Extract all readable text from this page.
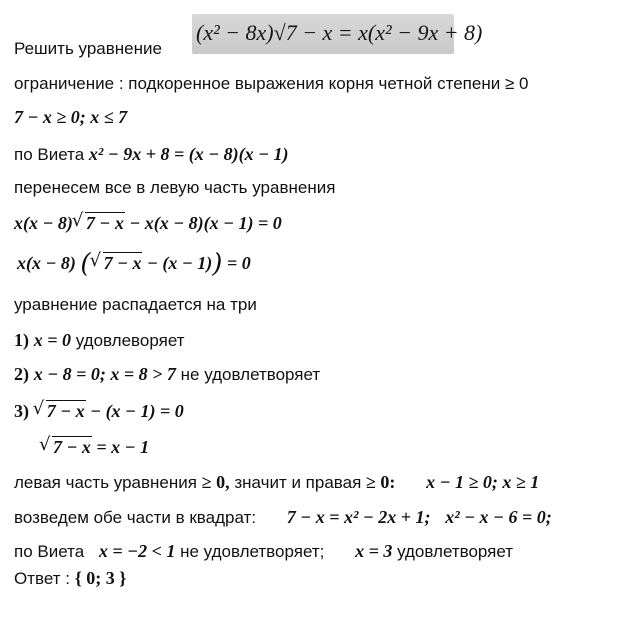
Решить уравнение
(x² − 8x)√7 − x = x(x² − 9x + 8)
ограничение : подкоренное выражения корня четной степени ≥ 0
7 − x ≥ 0; x ≤ 7
по Виета x² − 9x + 8 = (x − 8)(x − 1)
перенесем все в левую часть уравнения
x(x − 8) √ 7 − x − x(x − 8)(x − 1) = 0
x(x − 8) ( √ 7 − x − (x − 1)) = 0
уравнение распадается на три
1) x = 0 удовлеворяет
2) x − 8 = 0; x = 8 > 7 не удовлетворяет
3) √ 7 − x − (x − 1) = 0
√ 7 − x = x − 1
левая часть уравнения ≥ 0, значит и правая ≥ 0: x − 1 ≥ 0; x ≥ 1
возведем обе части в квадрат: 7 − x = x² − 2x + 1; x² − x − 6 = 0;
по Виета x = −2 < 1 не удовлетворяет; x = 3 удовлетворяет
Ответ : { 0; 3 }
